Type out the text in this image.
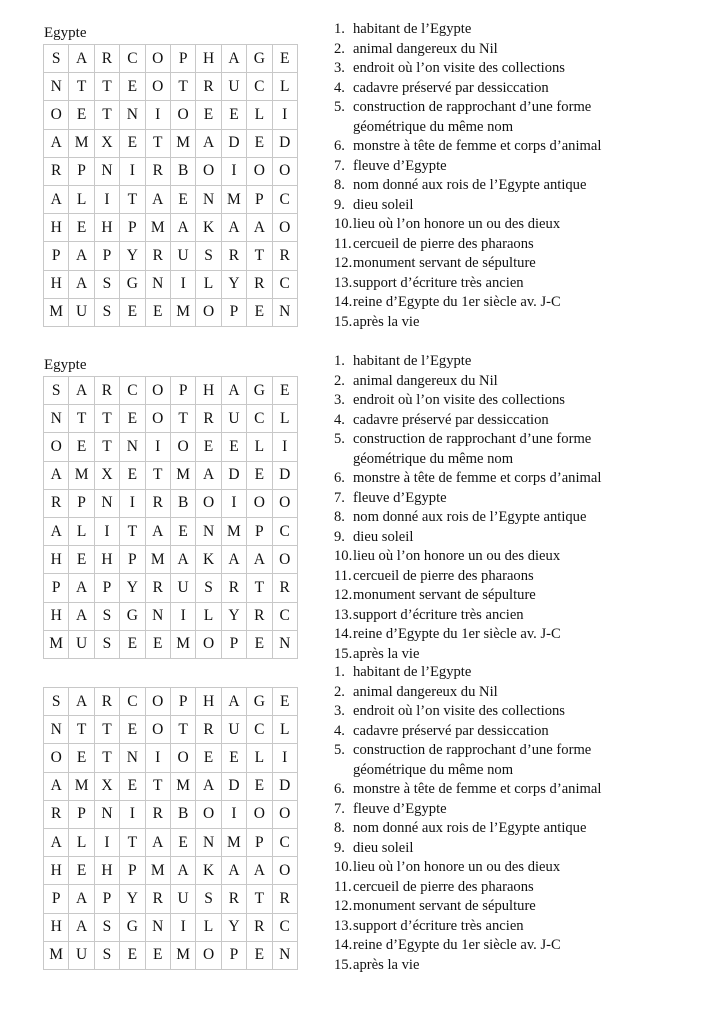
Egypte
S	A	R	C	O	P	H	A	G	E
N	T	T	E	O	T	R	U	C	L
O	E	T	N	I	O	E	E	L	I
A	M	X	E	T	M	A	D	E	D
R	P	N	I	R	B	O	I	O	O
A	L	I	T	A	E	N	M	P	C
H	E	H	P	M	A	K	A	A	O
P	A	P	Y	R	U	S	R	T	R
H	A	S	G	N	I	L	Y	R	C
M	U	S	E	E	M	O	P	E	N
1. habitant de l’Egypte
2. animal dangereux du Nil
3. endroit où l’on visite des collections
4. cadavre préservé par dessiccation
5. construction de rapprochant d’une forme
géométrique du même nom
6. monstre à tête de femme et corps d’animal
7. fleuve d’Egypte
8. nom donné aux rois de l’Egypte antique
9. dieu soleil
10. lieu où l’on honore un ou des dieux
11. cercueil de pierre des pharaons
12. monument servant de sépulture
13. support d’écriture très ancien
14. reine d’Egypte du 1er siècle av. J-C
15. après la vie
Egypte
S	A	R	C	O	P	H	A	G	E
N	T	T	E	O	T	R	U	C	L
O	E	T	N	I	O	E	E	L	I
A	M	X	E	T	M	A	D	E	D
R	P	N	I	R	B	O	I	O	O
A	L	I	T	A	E	N	M	P	C
H	E	H	P	M	A	K	A	A	O
P	A	P	Y	R	U	S	R	T	R
H	A	S	G	N	I	L	Y	R	C
M	U	S	E	E	M	O	P	E	N
1. habitant de l’Egypte
2. animal dangereux du Nil
3. endroit où l’on visite des collections
4. cadavre préservé par dessiccation
5. construction de rapprochant d’une forme
géométrique du même nom
6. monstre à tête de femme et corps d’animal
7. fleuve d’Egypte
8. nom donné aux rois de l’Egypte antique
9. dieu soleil
10. lieu où l’on honore un ou des dieux
11. cercueil de pierre des pharaons
12. monument servant de sépulture
13. support d’écriture très ancien
14. reine d’Egypte du 1er siècle av. J-C
15. après la vie
S	A	R	C	O	P	H	A	G	E
N	T	T	E	O	T	R	U	C	L
O	E	T	N	I	O	E	E	L	I
A	M	X	E	T	M	A	D	E	D
R	P	N	I	R	B	O	I	O	O
A	L	I	T	A	E	N	M	P	C
H	E	H	P	M	A	K	A	A	O
P	A	P	Y	R	U	S	R	T	R
H	A	S	G	N	I	L	Y	R	C
M	U	S	E	E	M	O	P	E	N
1. habitant de l’Egypte
2. animal dangereux du Nil
3. endroit où l’on visite des collections
4. cadavre préservé par dessiccation
5. construction de rapprochant d’une forme
géométrique du même nom
6. monstre à tête de femme et corps d’animal
7. fleuve d’Egypte
8. nom donné aux rois de l’Egypte antique
9. dieu soleil
10. lieu où l’on honore un ou des dieux
11. cercueil de pierre des pharaons
12. monument servant de sépulture
13. support d’écriture très ancien
14. reine d’Egypte du 1er siècle av. J-C
15. après la vie
